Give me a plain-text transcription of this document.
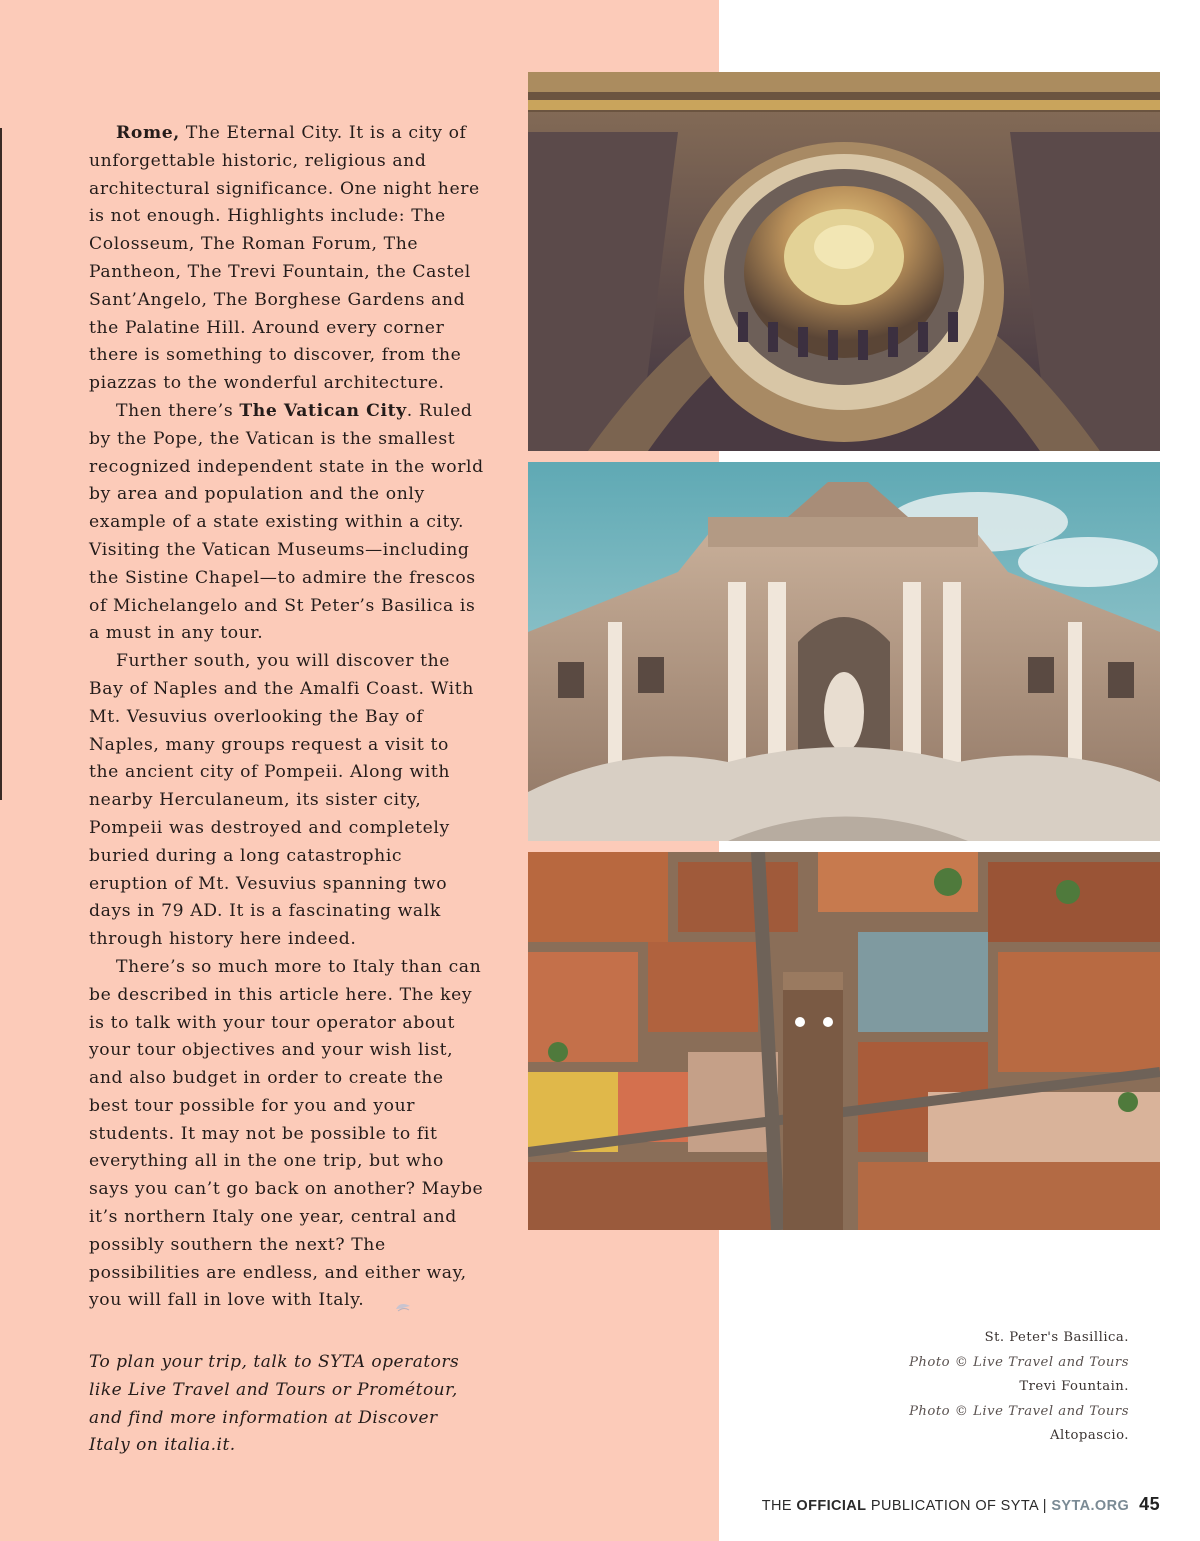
Rome, The Eternal City. It is a city of unforgettable historic, religious and architectural significance. One night here is not enough. Highlights include: The Colosseum, The Roman Forum, The Pantheon, The Trevi Fountain, the Castel Sant’Angelo, The Borghese Gardens and the Palatine Hill. Around every corner there is something to discover, from the piazzas to the wonderful architecture.

Then there’s The Vatican City. Ruled by the Pope, the Vatican is the smallest recognized independent state in the world by area and population and the only example of a state existing within a city. Visiting the Vatican Museums—including the Sistine Chapel—to admire the frescos of Michelangelo and St Peter’s Basilica is a must in any tour.

Further south, you will discover the Bay of Naples and the Amalfi Coast. With Mt. Vesuvius overlooking the Bay of Naples, many groups request a visit to the ancient city of Pompeii. Along with nearby Herculaneum, its sister city, Pompeii was destroyed and completely buried during a long catastrophic eruption of Mt. Vesuvius spanning two days in 79 AD. It is a fascinating walk through history here indeed.

There’s so much more to Italy than can be described in this article here. The key is to talk with your tour operator about your tour objectives and your wish list, and also budget in order to create the best tour possible for you and your students. It may not be possible to fit everything all in the one trip, but who says you can’t go back on another? Maybe it’s northern Italy one year, central and possibly southern the next? The possibilities are endless, and either way, you will fall in love with Italy.

To plan your trip, talk to SYTA operators like Live Travel and Tours or Prométour, and find more information at Discover Italy on italia.it.
St. Peter's Basillica.
Photo © Live Travel and Tours
Trevi Fountain.
Photo © Live Travel and Tours
Altopascio.
THE OFFICIAL PUBLICATION OF SYTA | SYTA.ORG 45
